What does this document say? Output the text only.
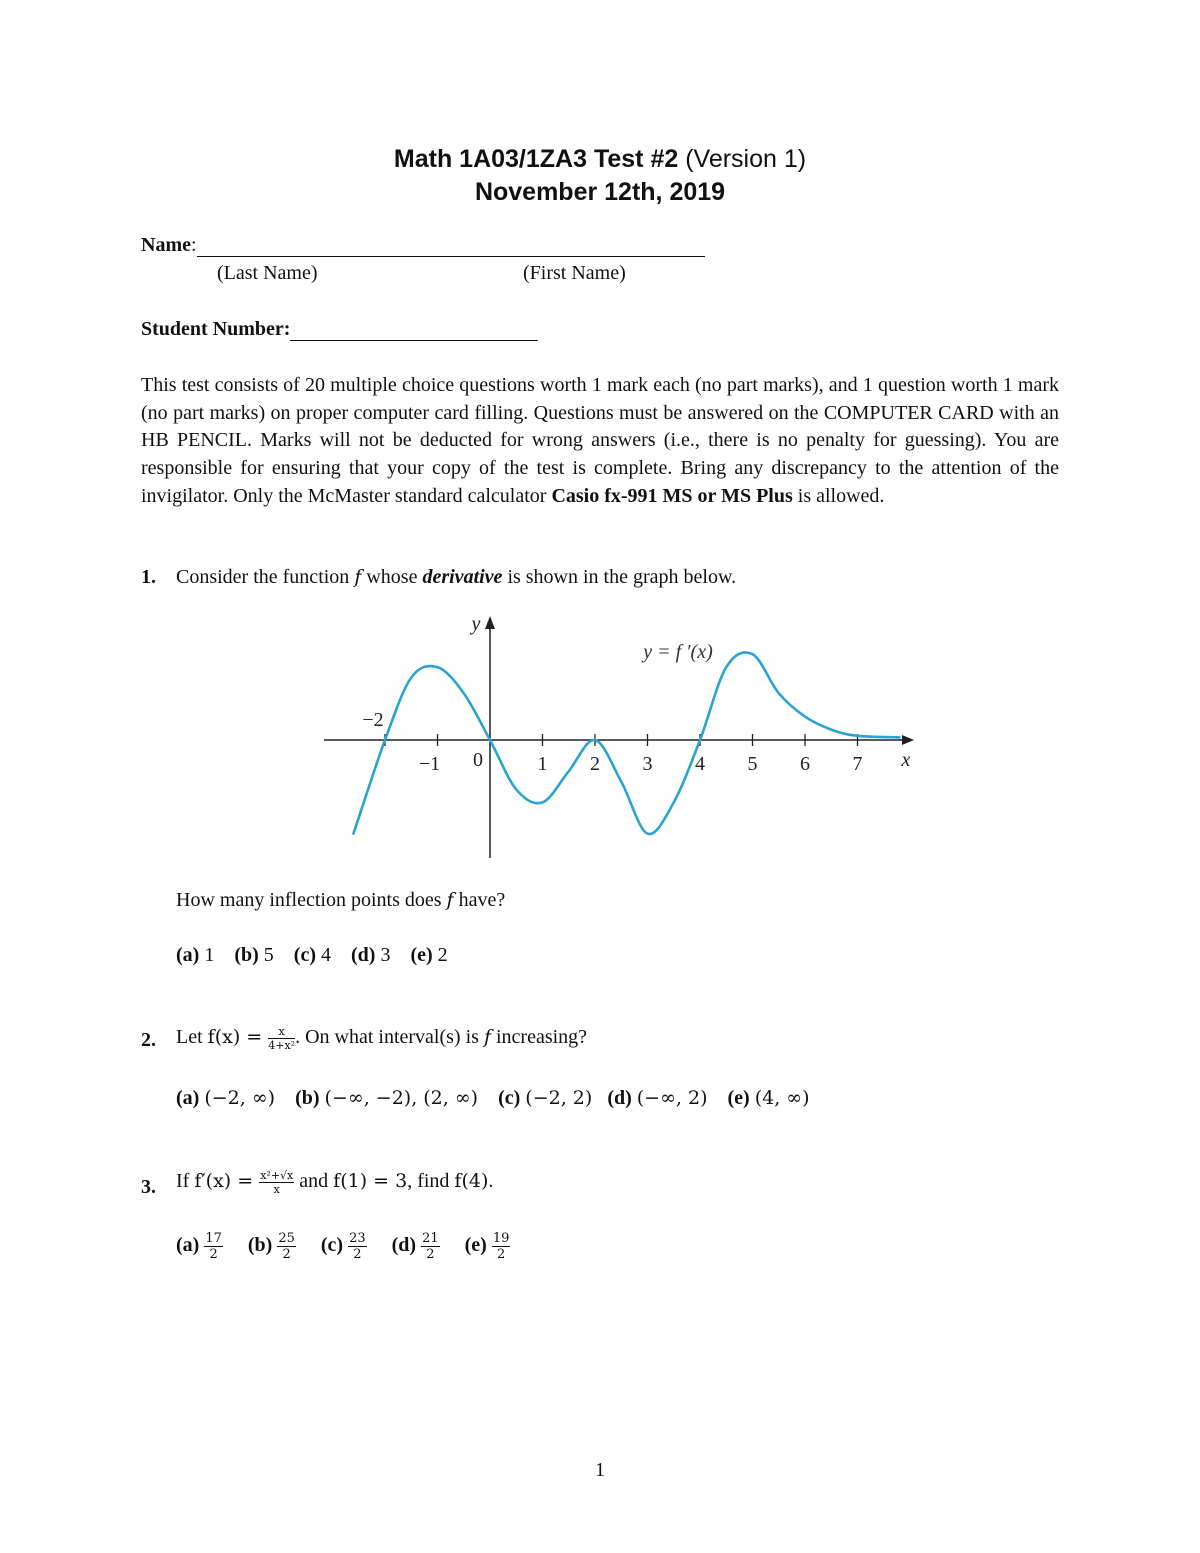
Math 1A03/1ZA3 Test #2 (Version 1)
November 12th, 2019
Name:
(Last Name)	(First Name)
Student Number:
This test consists of 20 multiple choice questions worth 1 mark each (no part marks), and 1 question worth 1 mark (no part marks) on proper computer card filling. Questions must be answered on the COMPUTER CARD with an HB PENCIL. Marks will not be deducted for wrong answers (i.e., there is no penalty for guessing). You are responsible for ensuring that your copy of the test is complete. Bring any discrepancy to the attention of the invigilator. Only the McMaster standard calculator Casio fx-991 MS or MS Plus is allowed.
1. Consider the function f whose derivative is shown in the graph below.
−1	1 2 3 4 5 6 7
−2
0	x
y
y = f ′(x)
How many inflection points does f have?
(a) 1 (b) 5 (c) 4 (d) 3 (e) 2
2. Let $f(x) = \frac{x}{\text{4+x²}}$ . On what interval(s) is f increasing?
(a) (−2, ∞) (b) (−∞, −2), (2, ∞) (c) (−2, 2) (d) (−∞, 2) (e) (4, ∞)
3. If $f'(x) = \frac{\text{x²+√x}}{x}$ and f(1) = 3, find f(4).
$(a) \frac{17}{2} (b) \frac{25}{2} (c) \frac{23}{2} (d) \frac{21}{2} (e) \frac{19}{2}$
1
